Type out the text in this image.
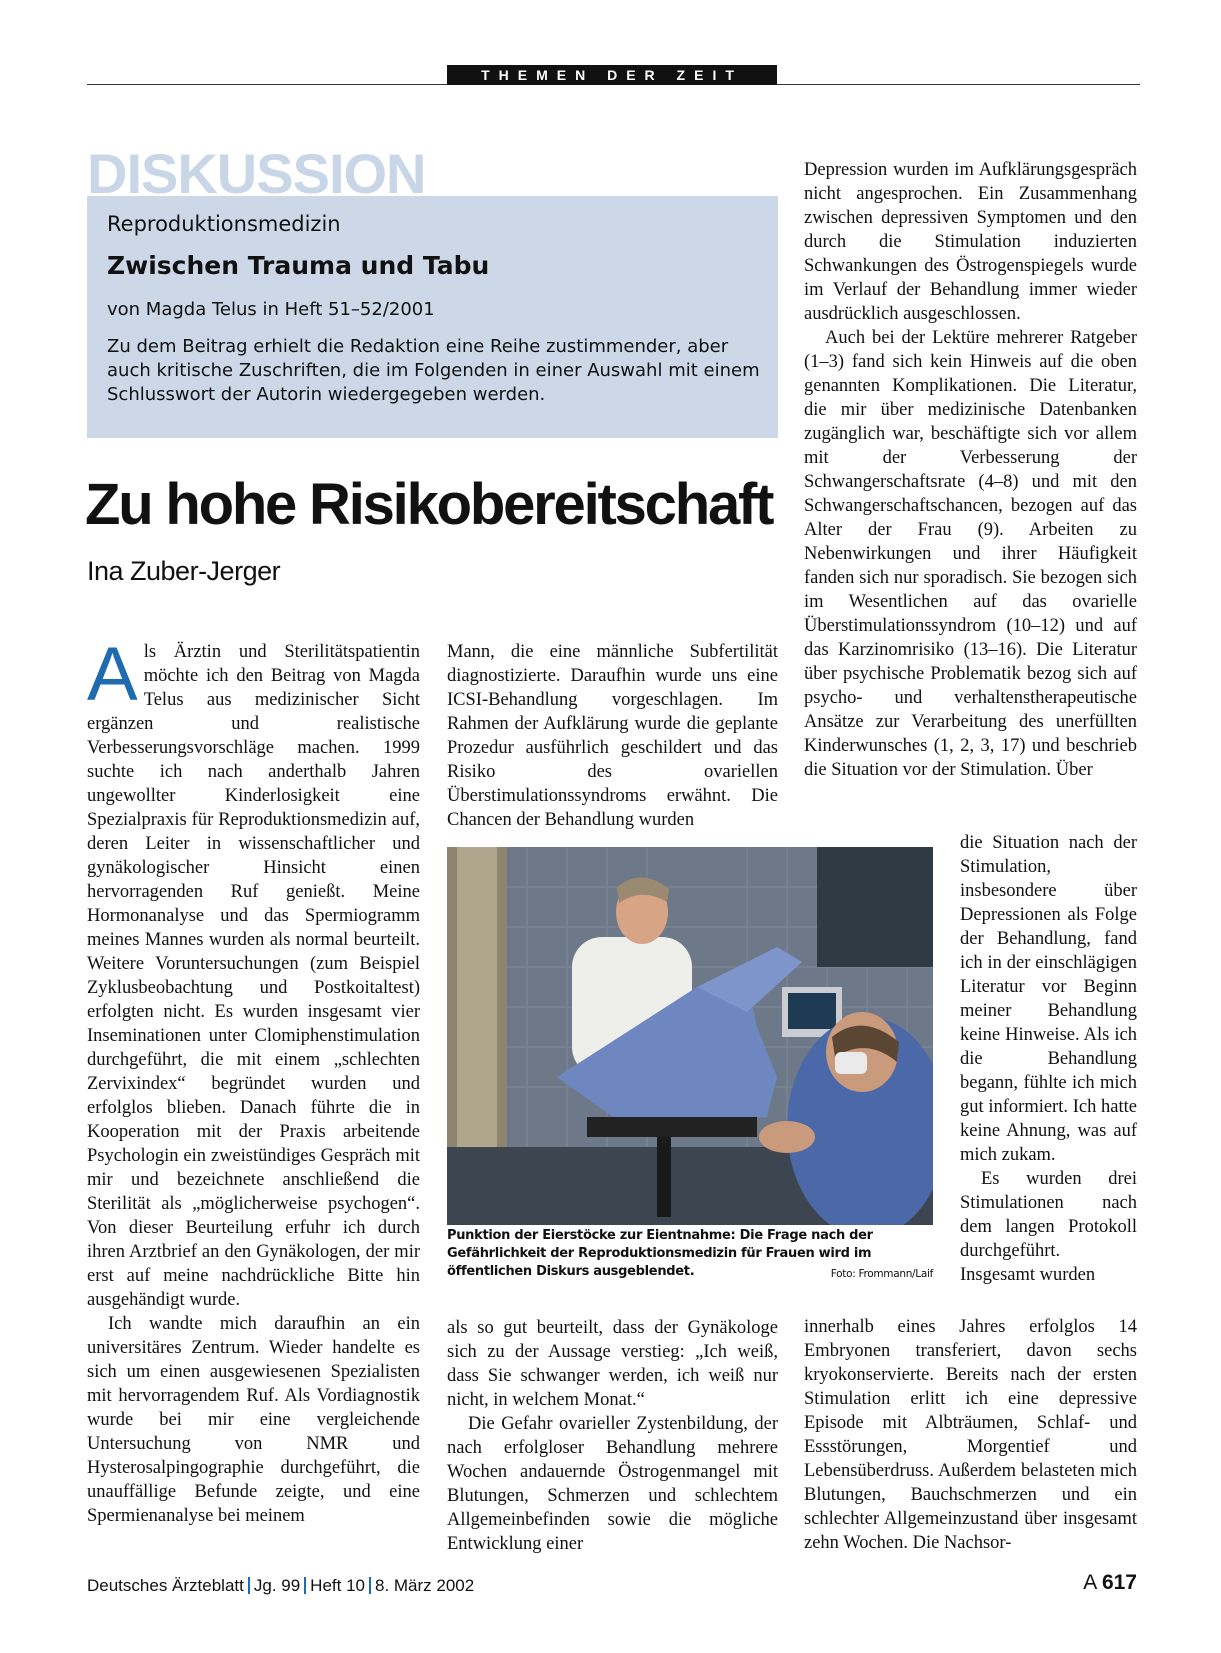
THEMEN DER ZEIT
DISKUSSION
Reproduktionsmedizin
Zwischen Trauma und Tabu
von Magda Telus in Heft 51–52/2001
Zu dem Beitrag erhielt die Redaktion eine Reihe zustimmender, aber auch kritische Zuschriften, die im Folgenden in einer Auswahl mit einem Schlusswort der Autorin wiedergegeben werden.
Zu hohe Risikobereitschaft
Ina Zuber-Jerger

Als Ärztin und Sterilitätspatientin möchte ich den Beitrag von Magda Telus aus medizinischer Sicht ergänzen und realistische Verbesserungsvorschläge machen. 1999 suchte ich nach anderthalb Jahren ungewollter Kinderlosigkeit eine Spezialpraxis für Reproduktionsmedizin auf, deren Leiter in wissenschaftlicher und gynäkologischer Hinsicht einen hervorragenden Ruf genießt. Meine Hormonanalyse und das Spermiogramm meines Mannes wurden als normal beurteilt. Weitere Voruntersuchungen (zum Beispiel Zyklusbeobachtung und Postkoitaltest) erfolgten nicht. Es wurden insgesamt vier Inseminationen unter Clomiphenstimulation durchgeführt, die mit einem „schlechten Zervixindex“ begründet wurden und erfolglos blieben. Danach führte die in Kooperation mit der Praxis arbeitende Psychologin ein zweistündiges Gespräch mit mir und bezeichnete anschließend die Sterilität als „möglicherweise psychogen“. Von dieser Beurteilung erfuhr ich durch ihren Arztbrief an den Gynäkologen, der mir erst auf meine nachdrückliche Bitte hin ausgehändigt wurde.

Ich wandte mich daraufhin an ein universitäres Zentrum. Wieder handelte es sich um einen ausgewiesenen Spezialisten mit hervorragendem Ruf. Als Vordiagnostik wurde bei mir eine vergleichende Untersuchung von NMR und Hysterosalpingographie durchgeführt, die unauffällige Befunde zeigte, und eine Spermienanalyse bei meinem

Mann, die eine männliche Subfertilität diagnostizierte. Daraufhin wurde uns eine ICSI-Behandlung vorgeschlagen. Im Rahmen der Aufklärung wurde die geplante Prozedur ausführlich geschildert und das Risiko des ovariellen Überstimulationssyndroms erwähnt. Die Chancen der Behandlung wurden

Punktion der Eierstöcke zur Eientnahme: Die Frage nach der Gefährlichkeit der Reproduktionsmedizin für Frauen wird im öffentlichen Diskurs ausgeblendet.	Foto: Frommann/Laif

als so gut beurteilt, dass der Gynäkologe sich zu der Aussage verstieg: „Ich weiß, dass Sie schwanger werden, ich weiß nur nicht, in welchem Monat.“

Die Gefahr ovarieller Zystenbildung, der nach erfolgloser Behandlung mehrere Wochen andauernde Östrogenmangel mit Blutungen, Schmerzen und schlechtem Allgemeinbefinden sowie die mögliche Entwicklung einer

Depression wurden im Aufklärungsgespräch nicht angesprochen. Ein Zusammenhang zwischen depressiven Symptomen und den durch die Stimulation induzierten Schwankungen des Östrogenspiegels wurde im Verlauf der Behandlung immer wieder ausdrücklich ausgeschlossen.

Auch bei der Lektüre mehrerer Ratgeber (1–3) fand sich kein Hinweis auf die oben genannten Komplikationen. Die Literatur, die mir über medizinische Datenbanken zugänglich war, beschäftigte sich vor allem mit der Verbesserung der Schwangerschaftsrate (4–8) und mit den Schwangerschaftschancen, bezogen auf das Alter der Frau (9). Arbeiten zu Nebenwirkungen und ihrer Häufigkeit fanden sich nur sporadisch. Sie bezogen sich im Wesentlichen auf das ovarielle Überstimulationssyndrom (10–12) und auf das Karzinomrisiko (13–16). Die Literatur über psychische Problematik bezog sich auf psycho- und verhaltenstherapeutische Ansätze zur Verarbeitung des unerfüllten Kinderwunsches (1, 2, 3, 17) und beschrieb die Situation vor der Stimulation. Über

die Situation nach der Stimulation, insbesondere über Depressionen als Folge der Behandlung, fand ich in der einschlägigen Literatur vor Beginn meiner Behandlung keine Hinweise. Als ich die Behandlung begann, fühlte ich mich gut informiert. Ich hatte keine Ahnung, was auf mich zukam.

Es wurden drei Stimulationen nach dem langen Protokoll durchgeführt. Insgesamt wurden

innerhalb eines Jahres erfolglos 14 Embryonen transferiert, davon sechs kryokonservierte. Bereits nach der ersten Stimulation erlitt ich eine depressive Episode mit Albträumen, Schlaf- und Essstörungen, Morgentief und Lebensüberdruss. Außerdem belasteten mich Blutungen, Bauchschmerzen und ein schlechter Allgemeinzustand über insgesamt zehn Wochen. Die Nachsor-

Deutsches Ärzteblatt Jg. 99 Heft 10 8. März 2002	A 617
